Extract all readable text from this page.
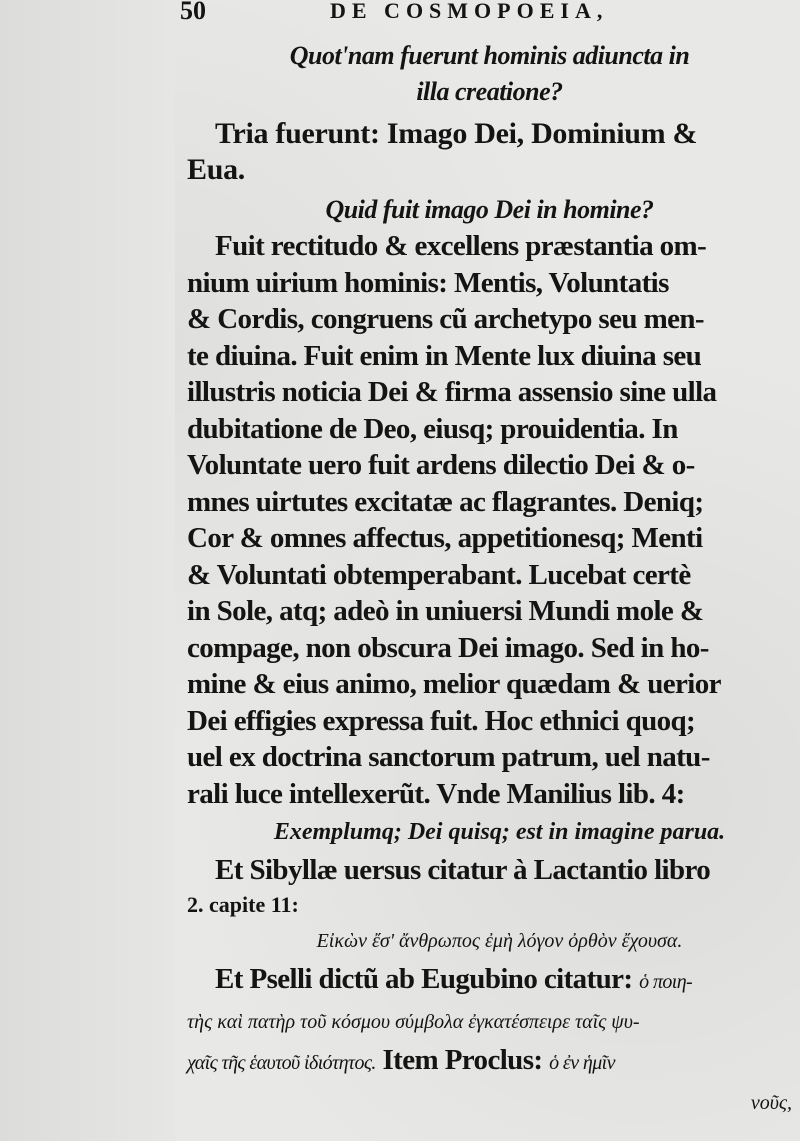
50	DE COSMOPOEIA,
Quot'nam fuerunt hominis adiuncta in
illa creatione?
Tria fuerunt: Imago Dei, Dominium &
Eua.
Quid fuit imago Dei in homine?
Fuit rectitudo & excellens præstantia om-
nium uirium hominis: Mentis, Voluntatis
& Cordis, congruens cũ archetypo seu men-
te diuina. Fuit enim in Mente lux diuina seu
illustris noticia Dei & firma assensio sine ulla
dubitatione de Deo, eiusq; prouidentia. In
Voluntate uero fuit ardens dilectio Dei & o-
mnes uirtutes excitatæ ac flagrantes. Deniq;
Cor & omnes affectus, appetitionesq; Menti
& Voluntati obtemperabant. Lucebat certè
in Sole, atq; adeò in uniuersi Mundi mole &
compage, non obscura Dei imago. Sed in ho-
mine & eius animo, melior quædam & uerior
Dei effigies expressa fuit. Hoc ethnici quoq;
uel ex doctrina sanctorum patrum, uel natu-
rali luce intellexerũt. Vnde Manilius lib. 4:
Exemplumq; Dei quisq; est in imagine parua.
Et Sibyllæ uersus citatur à Lactantio libro
2. capite 11:
Εἰκὼν ἔσ' ἄνθρωπος ἐμὴ λόγον ὀρθὸν ἔχουσα.
Et Pselli dictũ ab Eugubino citatur: ὁ ποιη-
τὴς καὶ πατὴρ τοῦ κόσμου σύμβολα ἐγκατέσπειρε ταῖς ψυ-
χαῖς τῆς ἑαυτοῦ ἰδιότητος. Item Proclus: ὁ ἐν ἡμῖν
νοῦς,
